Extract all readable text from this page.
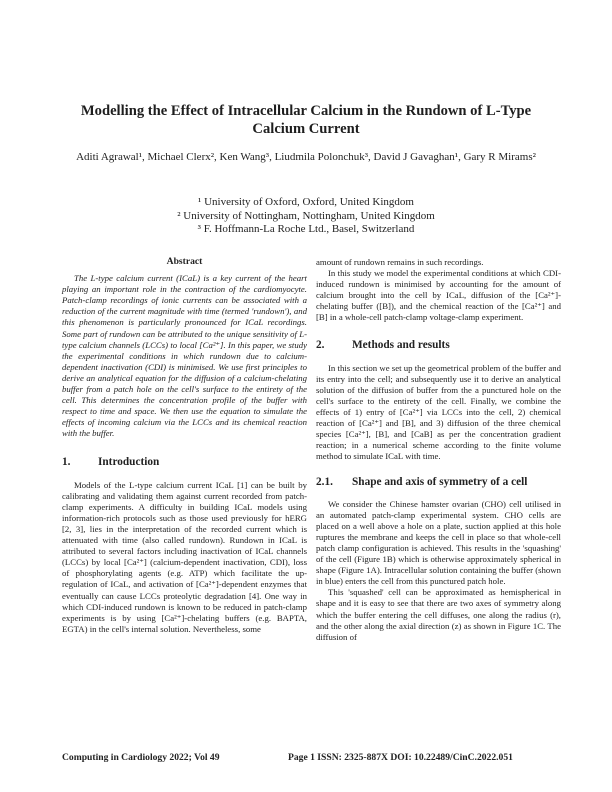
Modelling the Effect of Intracellular Calcium in the Rundown of L-Type Calcium Current
Aditi Agrawal¹, Michael Clerx², Ken Wang³, Liudmila Polonchuk³, David J Gavaghan¹, Gary R Mirams²
¹ University of Oxford, Oxford, United Kingdom
² University of Nottingham, Nottingham, United Kingdom
³ F. Hoffmann-La Roche Ltd., Basel, Switzerland
Abstract

The L-type calcium current (ICaL) is a key current of the heart playing an important role in the contraction of the cardiomyocyte. Patch-clamp recordings of ionic currents can be associated with a reduction of the current magnitude with time (termed 'rundown'), and this phenomenon is particularly pronounced for ICaL recordings. Some part of rundown can be attributed to the unique sensitivity of L-type calcium channels (LCCs) to local [Ca²⁺]. In this paper, we study the experimental conditions in which rundown due to calcium-dependent inactivation (CDI) is minimised. We use first principles to derive an analytical equation for the diffusion of a calcium-chelating buffer from a patch hole on the cell's surface to the entirety of the cell. This determines the concentration profile of the buffer with respect to time and space. We then use the equation to simulate the effects of incoming calcium via the LCCs and its chemical reaction with the buffer.

1. Introduction

Models of the L-type calcium current ICaL [1] can be built by calibrating and validating them against current recorded from patch-clamp experiments. A difficulty in building ICaL models using information-rich protocols such as those used previously for hERG [2, 3], lies in the interpretation of the recorded current which is attenuated with time (also called rundown). Rundown in ICaL is attributed to several factors including inactivation of ICaL channels (LCCs) by local [Ca²⁺] (calcium-dependent inactivation, CDI), loss of phosphorylating agents (e.g. ATP) which facilitate the up-regulation of ICaL, and activation of [Ca²⁺]-dependent enzymes that eventually can cause LCCs proteolytic degradation [4]. One way in which CDI-induced rundown is known to be reduced in patch-clamp experiments is by using [Ca²⁺]-chelating buffers (e.g. BAPTA, EGTA) in the cell's internal solution. Nevertheless, some

amount of rundown remains in such recordings.

In this study we model the experimental conditions at which CDI-induced rundown is minimised by accounting for the amount of calcium brought into the cell by ICaL, diffusion of the [Ca²⁺]-chelating buffer ([B]), and the chemical reaction of the [Ca²⁺] and [B] in a whole-cell patch-clamp voltage-clamp experiment.

2. Methods and results

In this section we set up the geometrical problem of the buffer and its entry into the cell; and subsequently use it to derive an analytical solution of the diffusion of buffer from the a punctured hole on the cell's surface to the entirety of the cell. Finally, we combine the effects of 1) entry of [Ca²⁺] via LCCs into the cell, 2) chemical reaction of [Ca²⁺] and [B], and 3) diffusion of the three chemical species [Ca²⁺], [B], and [CaB] as per the concentration gradient reaction; in a numerical scheme according to the finite volume method to simulate ICaL with time.

2.1. Shape and axis of symmetry of a cell

We consider the Chinese hamster ovarian (CHO) cell utilised in an automated patch-clamp experimental system. CHO cells are placed on a well above a hole on a plate, suction applied at this hole ruptures the membrane and keeps the cell in place so that whole-cell patch clamp configuration is achieved. This results in the 'squashing' of the cell (Figure 1B) which is otherwise approximately spherical in shape (Figure 1A). Intracellular solution containing the buffer (shown in blue) enters the cell from this punctured patch hole.

This 'squashed' cell can be approximated as hemispherical in shape and it is easy to see that there are two axes of symmetry along which the buffer entering the cell diffuses, one along the radius (r), and the other along the axial direction (z) as shown in Figure 1C. The diffusion of

Computing in Cardiology 2022; Vol 49	Page 1 ISSN: 2325-887X DOI: 10.22489/CinC.2022.051
